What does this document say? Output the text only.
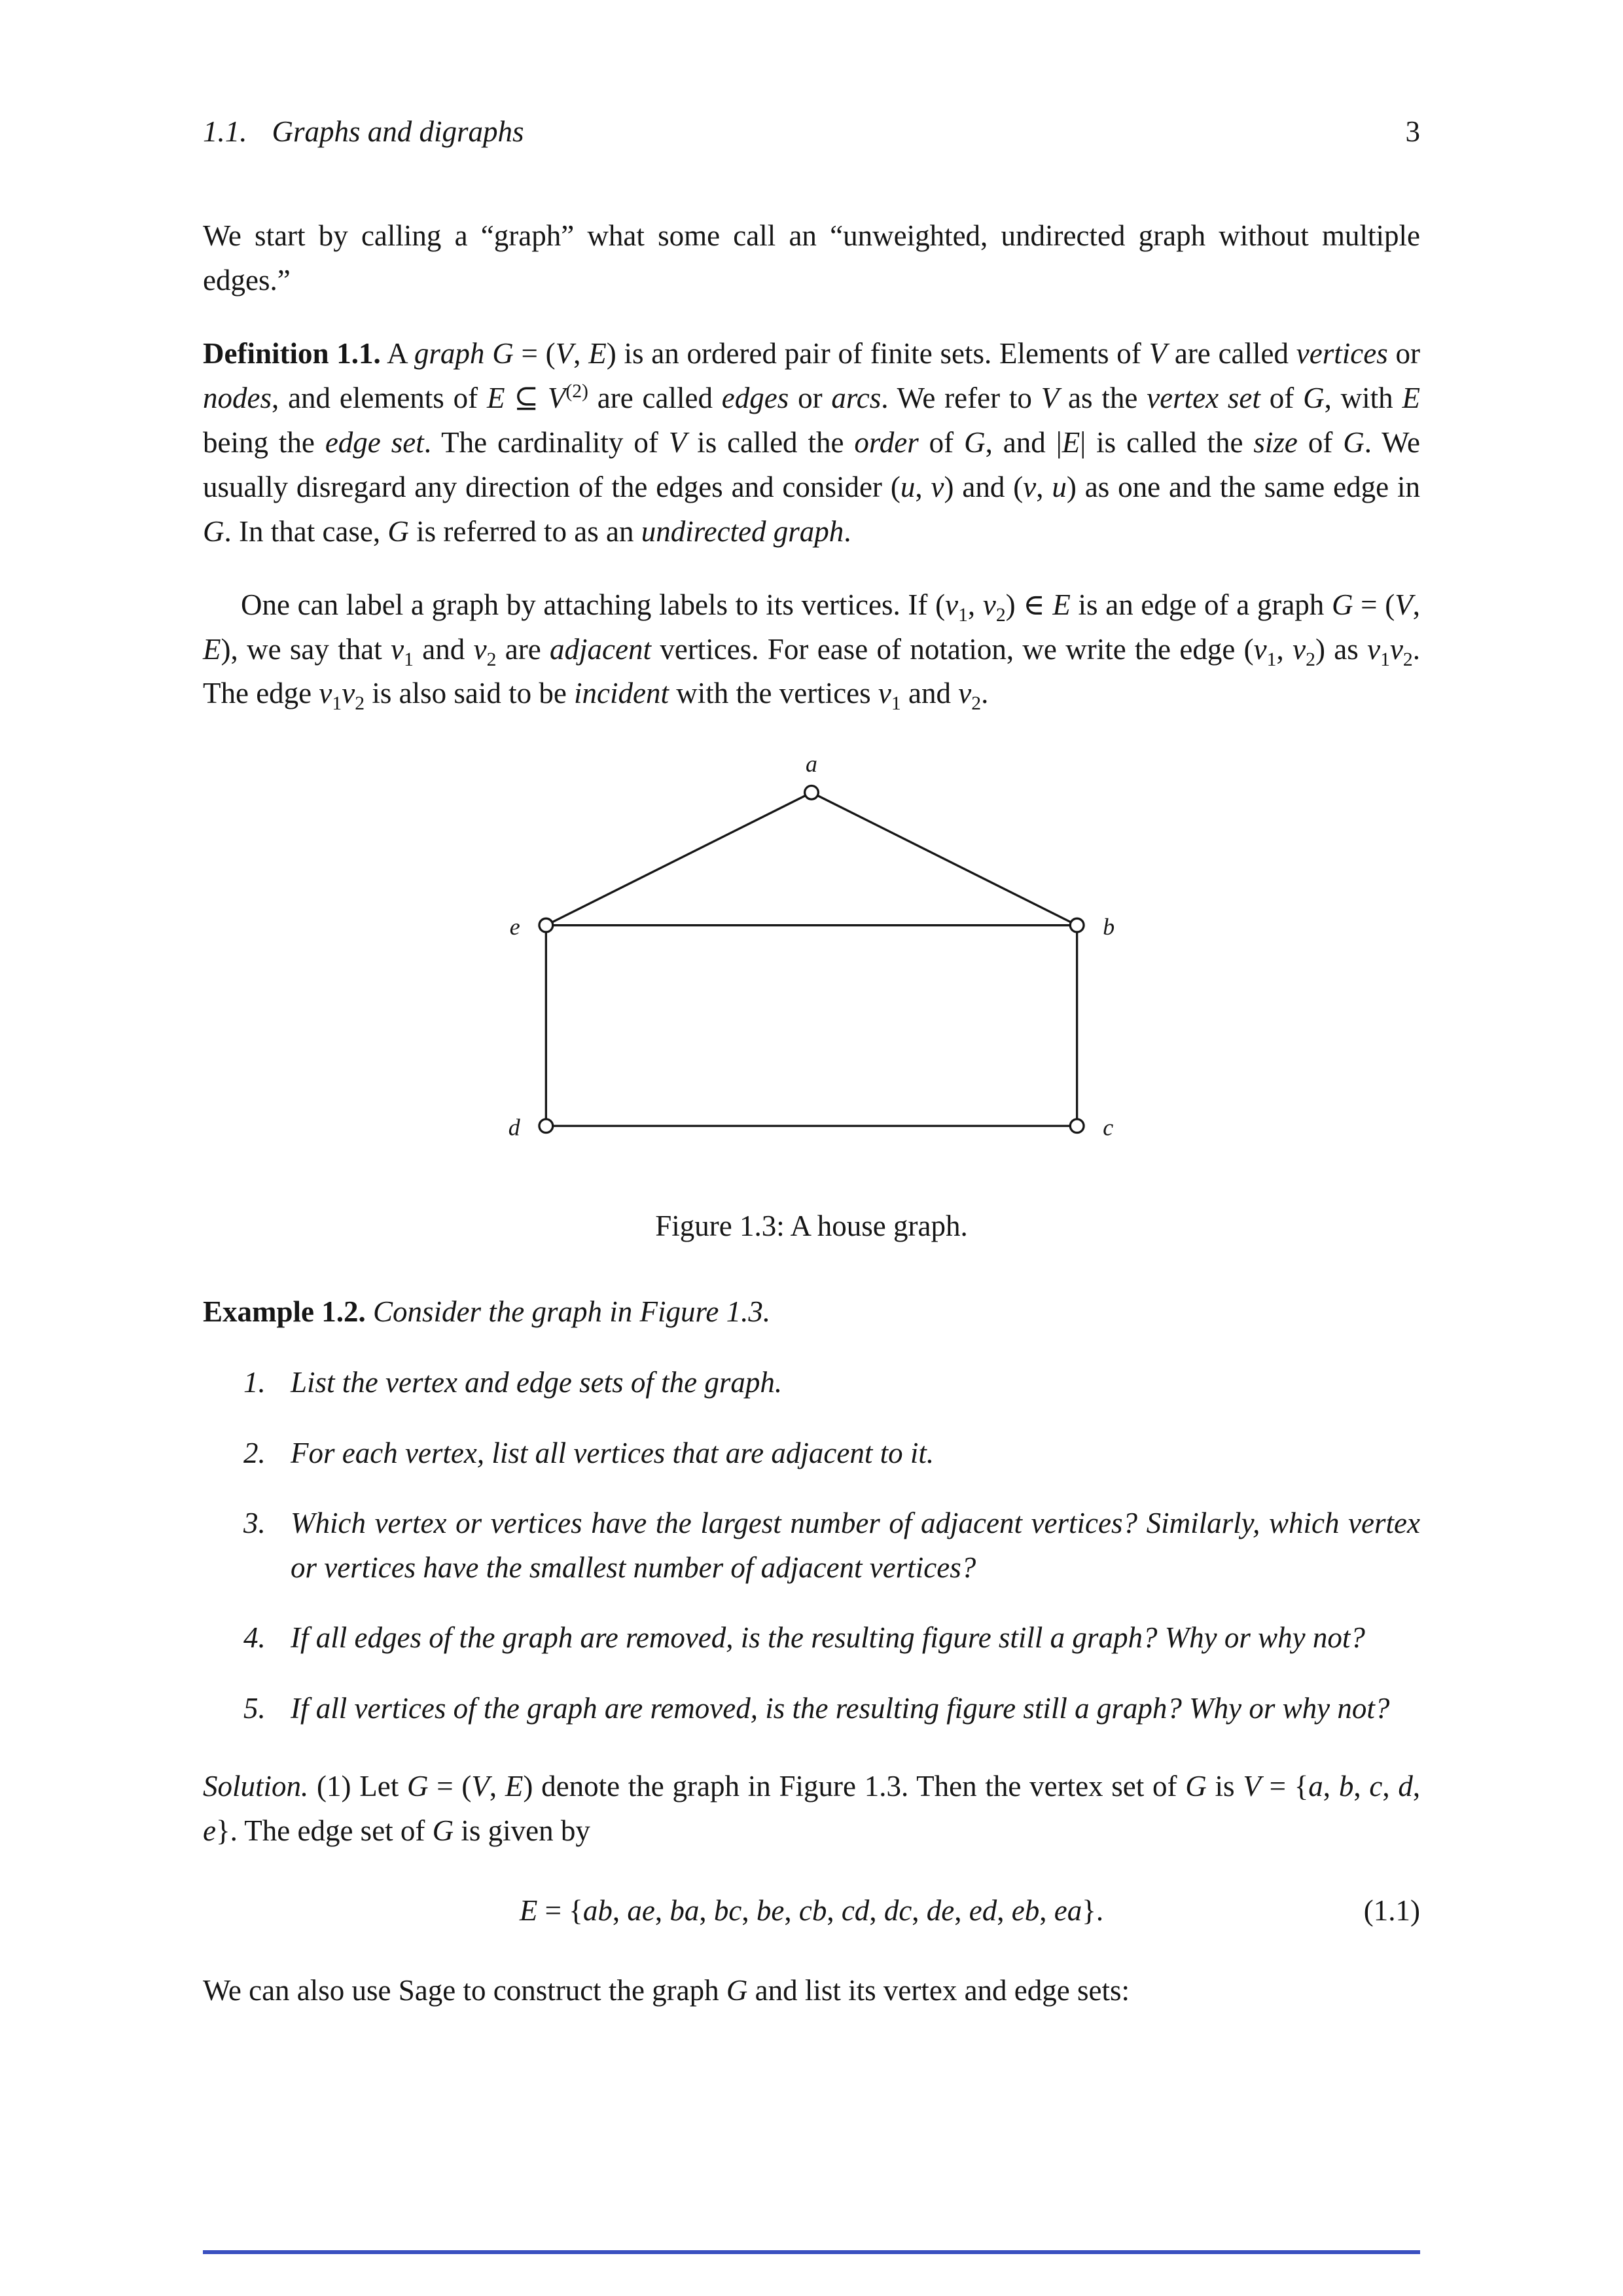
1.1. Graphs and digraphs	3

We start by calling a “graph” what some call an “unweighted, undirected graph without multiple edges.”

Definition 1.1. A graph G = (V, E) is an ordered pair of finite sets. Elements of V are called vertices or nodes, and elements of E ⊆ $V^{(2)}$ are called edges or arcs. We refer to V as the vertex set of G, with E being the edge set. The cardinality of V is called the order of G, and |E| is called the size of G. We usually disregard any direction of the edges and consider (u, v) and (v, u) as one and the same edge in G. In that case, G is referred to as an undirected graph.

One can label a graph by attaching labels to its vertices. If ($v_1$, $v_2$) ∈ E is an edge of a graph G = (V, E), we say that $v_1$ and $v_2$ are adjacent vertices. For ease of notation, we write the edge ($v_1$, $v_2$) as $v_1v_2$. The edge $v_1v_2$ is also said to be incident with the vertices $v_1$ and $v_2$.

a
b
c
d
e
Figure 1.3: A house graph.

Example 1.2. Consider the graph in Figure 1.3.

1. List the vertex and edge sets of the graph.
2. For each vertex, list all vertices that are adjacent to it.
3. Which vertex or vertices have the largest number of adjacent vertices? Similarly, which vertex or vertices have the smallest number of adjacent vertices?
4. If all edges of the graph are removed, is the resulting figure still a graph? Why or why not?
5. If all vertices of the graph are removed, is the resulting figure still a graph? Why or why not?

Solution. (1) Let G = (V, E) denote the graph in Figure 1.3. Then the vertex set of G is V = {a, b, c, d, e}. The edge set of G is given by

E = {ab, ae, ba, bc, be, cb, cd, dc, de, ed, eb, ea}.	(1.1)

We can also use Sage to construct the graph G and list its vertex and edge sets:
